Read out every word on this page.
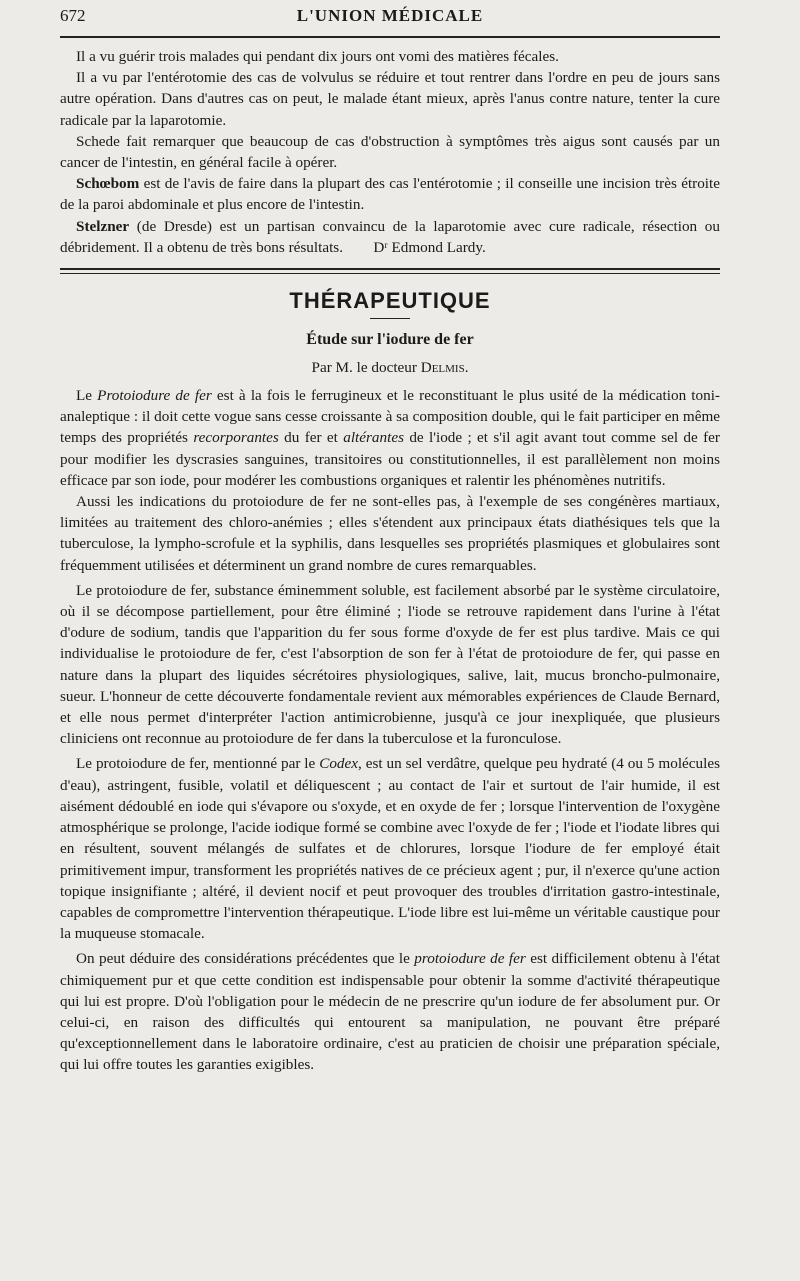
672	L'UNION MÉDICALE

Il a vu guérir trois malades qui pendant dix jours ont vomi des matières fécales.

Il a vu par l'entérotomie des cas de volvulus se réduire et tout rentrer dans l'ordre en peu de jours sans autre opération. Dans d'autres cas on peut, le malade étant mieux, après l'anus contre nature, tenter la cure radicale par la laparotomie.

Schede fait remarquer que beaucoup de cas d'obstruction à symptômes très aigus sont causés par un cancer de l'intestin, en général facile à opérer.

Schœbom est de l'avis de faire dans la plupart des cas l'entérotomie ; il conseille une incision très étroite de la paroi abdominale et plus encore de l'intestin.

Stelzner (de Dresde) est un partisan convaincu de la laparotomie avec cure radicale, résection ou débridement. Il a obtenu de très bons résultats. Dʳ Edmond Lardy.

THÉRAPEUTIQUE
Étude sur l'iodure de fer
Par M. le docteur Delmis.

Le Protoiodure de fer est à la fois le ferrugineux et le reconstituant le plus usité de la médication toni-analeptique : il doit cette vogue sans cesse croissante à sa composition double, qui le fait participer en même temps des propriétés recorporantes du fer et altérantes de l'iode ; et s'il agit avant tout comme sel de fer pour modifier les dyscrasies sanguines, transitoires ou constitutionnelles, il est parallèlement non moins efficace par son iode, pour modérer les combustions organiques et ralentir les phénomènes nutritifs.

Aussi les indications du protoiodure de fer ne sont-elles pas, à l'exemple de ses congénères martiaux, limitées au traitement des chloro-anémies ; elles s'étendent aux principaux états diathésiques tels que la tuberculose, la lympho-scrofule et la syphilis, dans lesquelles ses propriétés plasmiques et globulaires sont fréquemment utilisées et déterminent un grand nombre de cures remarquables.

Le protoiodure de fer, substance éminemment soluble, est facilement absorbé par le système circulatoire, où il se décompose partiellement, pour être éliminé ; l'iode se retrouve rapidement dans l'urine à l'état d'odure de sodium, tandis que l'apparition du fer sous forme d'oxyde de fer est plus tardive. Mais ce qui individualise le protoiodure de fer, c'est l'absorption de son fer à l'état de protoiodure de fer, qui passe en nature dans la plupart des liquides sécrétoires physiologiques, salive, lait, mucus broncho-pulmonaire, sueur. L'honneur de cette découverte fondamentale revient aux mémorables expériences de Claude Bernard, et elle nous permet d'interpréter l'action antimicrobienne, jusqu'à ce jour inexpliquée, que plusieurs cliniciens ont reconnue au protoiodure de fer dans la tuberculose et la furonculose.

Le protoiodure de fer, mentionné par le Codex, est un sel verdâtre, quelque peu hydraté (4 ou 5 molécules d'eau), astringent, fusible, volatil et déliquescent ; au contact de l'air et surtout de l'air humide, il est aisément dédoublé en iode qui s'évapore ou s'oxyde, et en oxyde de fer ; lorsque l'intervention de l'oxygène atmosphérique se prolonge, l'acide iodique formé se combine avec l'oxyde de fer ; l'iode et l'iodate libres qui en résultent, souvent mélangés de sulfates et de chlorures, lorsque l'iodure de fer employé était primitivement impur, transforment les propriétés natives de ce précieux agent ; pur, il n'exerce qu'une action topique insignifiante ; altéré, il devient nocif et peut provoquer des troubles d'irritation gastro-intestinale, capables de compromettre l'intervention thérapeutique. L'iode libre est lui-même un véritable caustique pour la muqueuse stomacale.

On peut déduire des considérations précédentes que le protoiodure de fer est difficilement obtenu à l'état chimiquement pur et que cette condition est indispensable pour obtenir la somme d'activité thérapeutique qui lui est propre. D'où l'obligation pour le médecin de ne prescrire qu'un iodure de fer absolument pur. Or celui-ci, en raison des difficultés qui entourent sa manipulation, ne pouvant être préparé qu'exceptionnellement dans le laboratoire ordinaire, c'est au praticien de choisir une préparation spéciale, qui lui offre toutes les garanties exigibles.
